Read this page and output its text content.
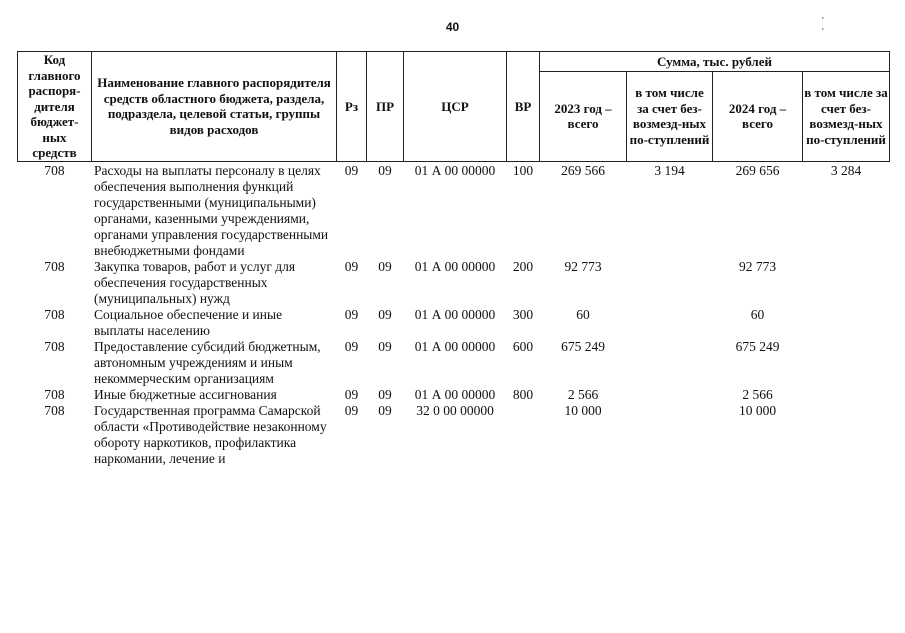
40	' '
Код главного распоря-дителя бюджет-ных средств	Наименование главного распорядителя средств областного бюджета, раздела, подраздела, целевой статьи, группы видов расходов	Рз	ПР	ЦСР	ВР	Сумма, тыс. рублей			
						2023 год – всего	в том числе за счет без-возмезд-ных по-ступлений	2024 год – всего	в том числе за счет без-возмезд-ных по-ступлений
708	Расходы на выплаты персоналу в целях обеспечения выполнения функций государственными (муниципальными) органами, казенными учреждениями, органами управления государственными внебюджетными фондами	09	09	01 А 00 00000	100	269 566	3 194	269 656	3 284
708	Закупка товаров, работ и услуг для обеспечения государственных (муниципальных) нужд	09	09	01 А 00 00000	200	92 773		92 773	
708	Социальное обеспечение и иные выплаты населению	09	09	01 А 00 00000	300	60		60	
708	Предоставление субсидий бюджетным, автономным учреждениям и иным некоммерческим организациям	09	09	01 А 00 00000	600	675 249		675 249	
708	Иные бюджетные ассигнования	09	09	01 А 00 00000	800	2 566		2 566	
708	Государственная программа Самарской области «Противодействие незаконному обороту наркотиков, профилактика наркомании, лечение и	09	09	32 0 00 00000		10 000		10 000	
